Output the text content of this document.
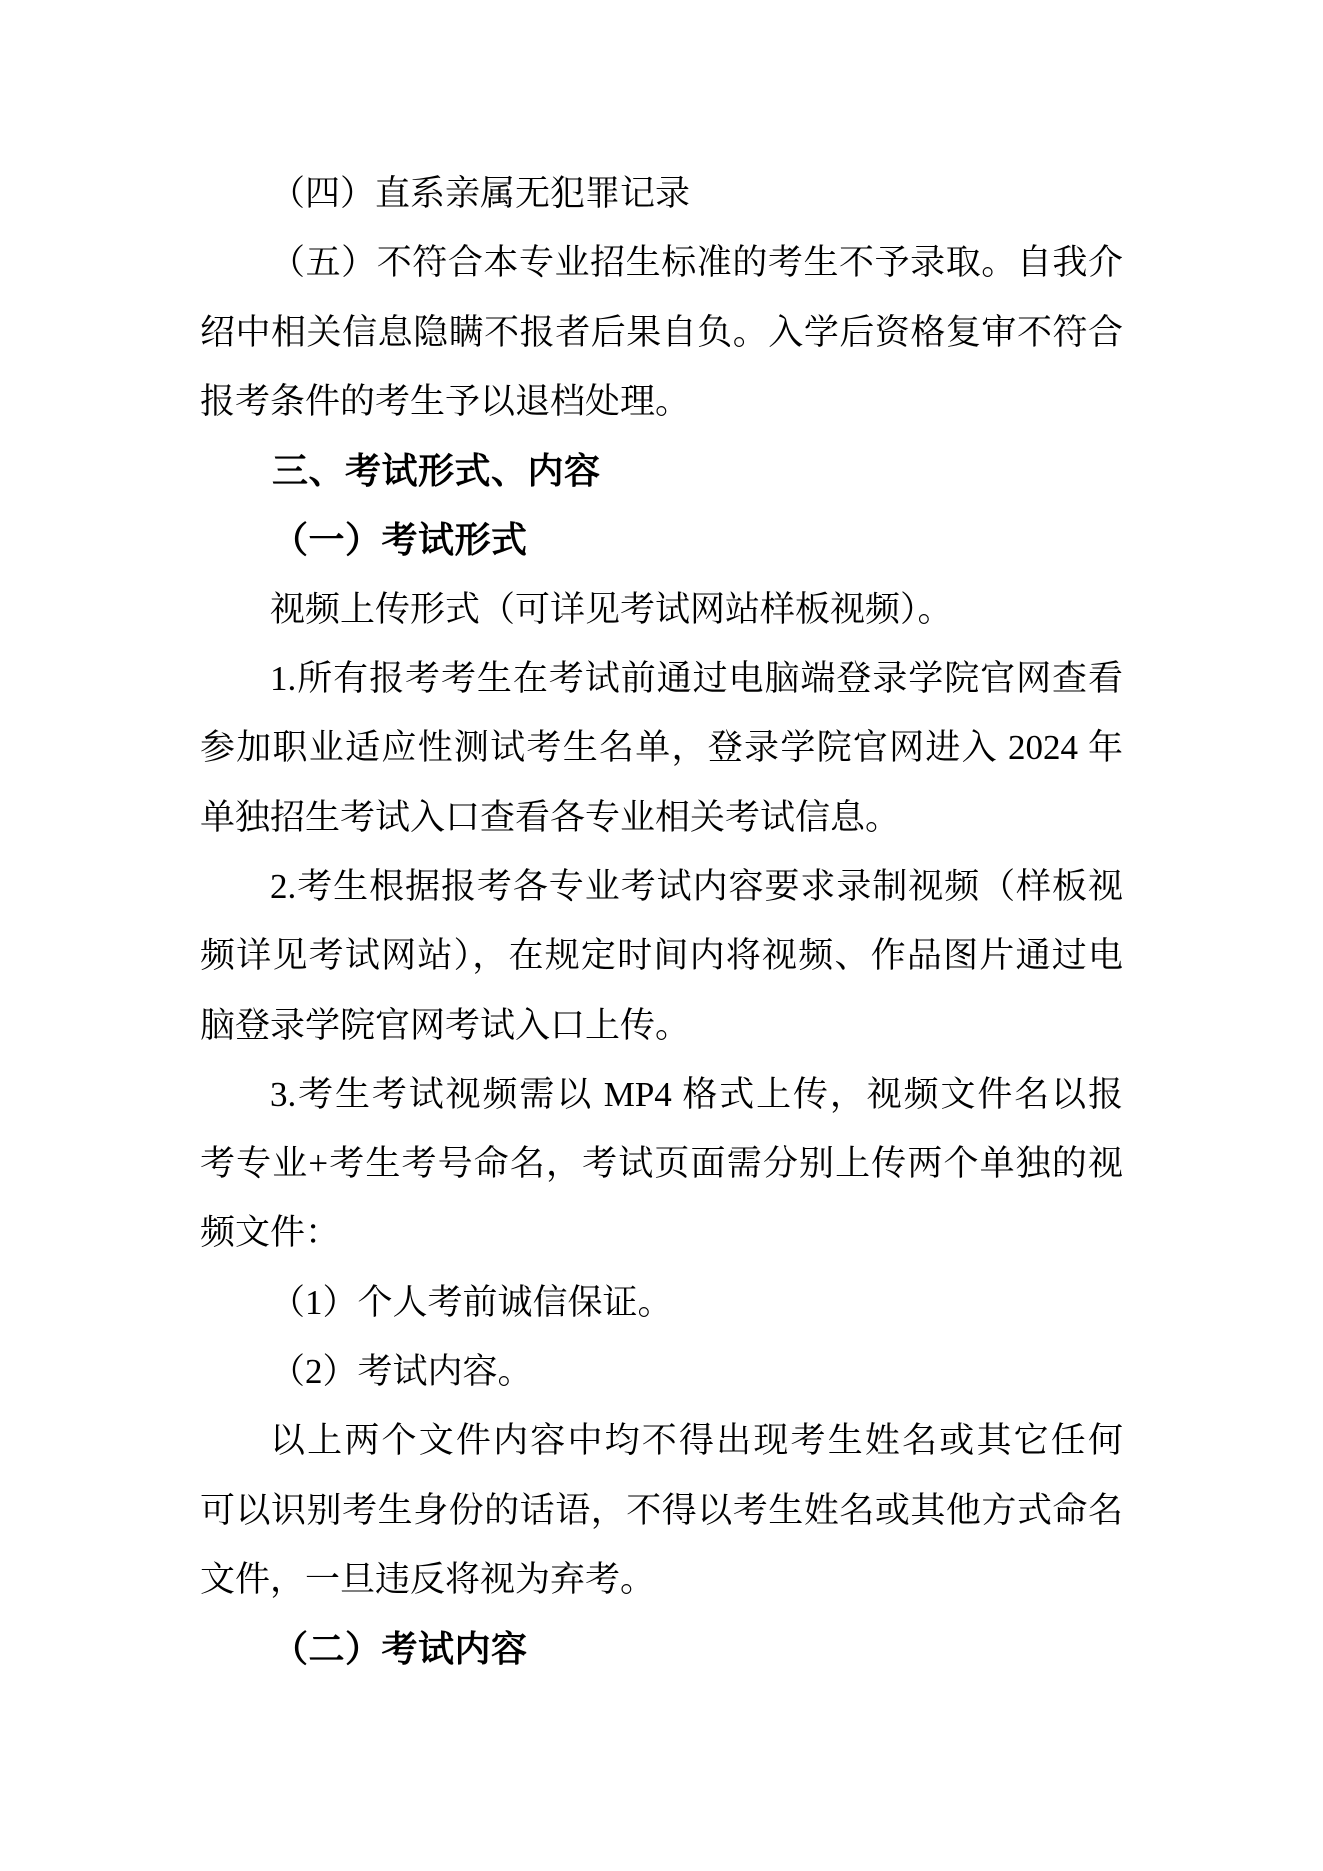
（四）直系亲属无犯罪记录
（五）不符合本专业招生标准的考生不予录取。自我介
绍中相关信息隐瞒不报者后果自负。入学后资格复审不符合
报考条件的考生予以退档处理。
三、考试形式、内容
（一）考试形式
视频上传形式（可详见考试网站样板视频）。
1.所有报考考生在考试前通过电脑端登录学院官网查看
参加职业适应性测试考生名单，登录学院官网进入 2024 年
单独招生考试入口查看各专业相关考试信息。
2.考生根据报考各专业考试内容要求录制视频（样板视
频详见考试网站），在规定时间内将视频、作品图片通过电
脑登录学院官网考试入口上传。
3.考生考试视频需以 MP4 格式上传，视频文件名以报
考专业+考生考号命名，考试页面需分别上传两个单独的视
频文件：
（1）个人考前诚信保证。
（2）考试内容。
以上两个文件内容中均不得出现考生姓名或其它任何
可以识别考生身份的话语，不得以考生姓名或其他方式命名
文件，一旦违反将视为弃考。
（二）考试内容
